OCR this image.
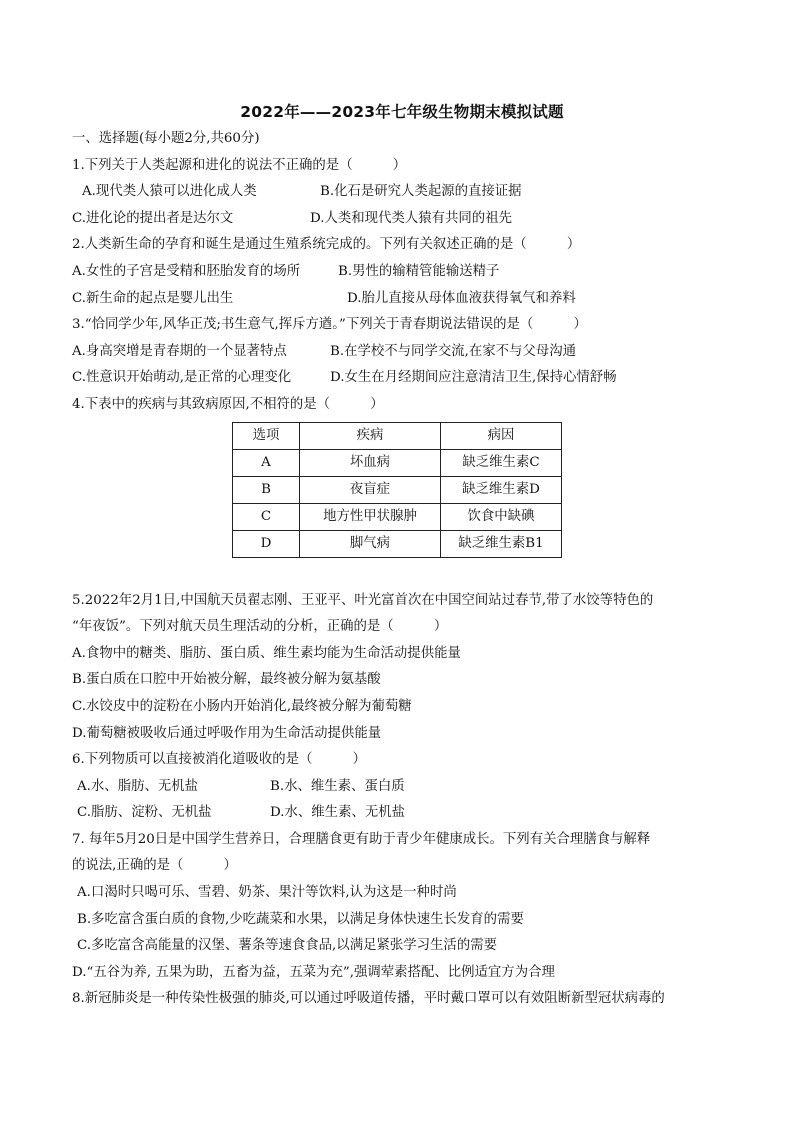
2022年——2023年七年级生物期末模拟试题
一、选择题(每小题2分,共60分)
1.下列关于人类起源和进化的说法不正确的是（　　　）
A.现代类人猿可以进化成人类	B.化石是研究人类起源的直接证据
C.进化论的提出者是达尔文	D.人类和现代类人猿有共同的祖先
2.人类新生命的孕育和诞生是通过生殖系统完成的。下列有关叙述正确的是（　　　）
A.女性的子宫是受精和胚胎发育的场所	B.男性的输精管能输送精子
C.新生命的起点是婴儿出生	D.胎儿直接从母体血液获得氧气和养料
3.“恰同学少年,风华正茂;书生意气,挥斥方遒。”下列关于青春期说法错误的是（　　　）
A.身高突增是青春期的一个显著特点	B.在学校不与同学交流,在家不与父母沟通
C.性意识开始萌动,是正常的心理变化	D.女生在月经期间应注意清洁卫生,保持心情舒畅
4.下表中的疾病与其致病原因,不相符的是（　　　）
选项	疾病	病因
A	坏血病	缺乏维生素C
B	夜盲症	缺乏维生素D
C	地方性甲状腺肿	饮食中缺碘
D	脚气病	缺乏维生素B1
5.2022年2月1日,中国航天员翟志刚、王亚平、叶光富首次在中国空间站过春节,带了水饺等特色的
“年夜饭”。下列对航天员生理活动的分析，正确的是（　　　）
A.食物中的糖类、脂肪、蛋白质、维生素均能为生命活动提供能量
B.蛋白质在口腔中开始被分解，最终被分解为氨基酸
C.水饺皮中的淀粉在小肠内开始消化,最终被分解为葡萄糖
D.葡萄糖被吸收后通过呼吸作用为生命活动提供能量
6.下列物质可以直接被消化道吸收的是（　　　）
A.水、脂肪、无机盐	B.水、维生素、蛋白质
C.脂肪、淀粉、无机盐	D.水、维生素、无机盐
7. 每年5月20日是中国学生营养日，合理膳食更有助于青少年健康成长。下列有关合理膳食与解释
的说法,正确的是（　　　）
A.口渴时只喝可乐、雪碧、奶茶、果汁等饮料,认为这是一种时尚
B.多吃富含蛋白质的食物,少吃蔬菜和水果，以满足身体快速生长发育的需要
C.多吃富含高能量的汉堡、薯条等速食食品,以满足紧张学习生活的需要
D.“五谷为养, 五果为助，五畜为益，五菜为充”,强调荤素搭配、比例适宜方为合理
8.新冠肺炎是一种传染性极强的肺炎,可以通过呼吸道传播，平时戴口罩可以有效阻断新型冠状病毒的
